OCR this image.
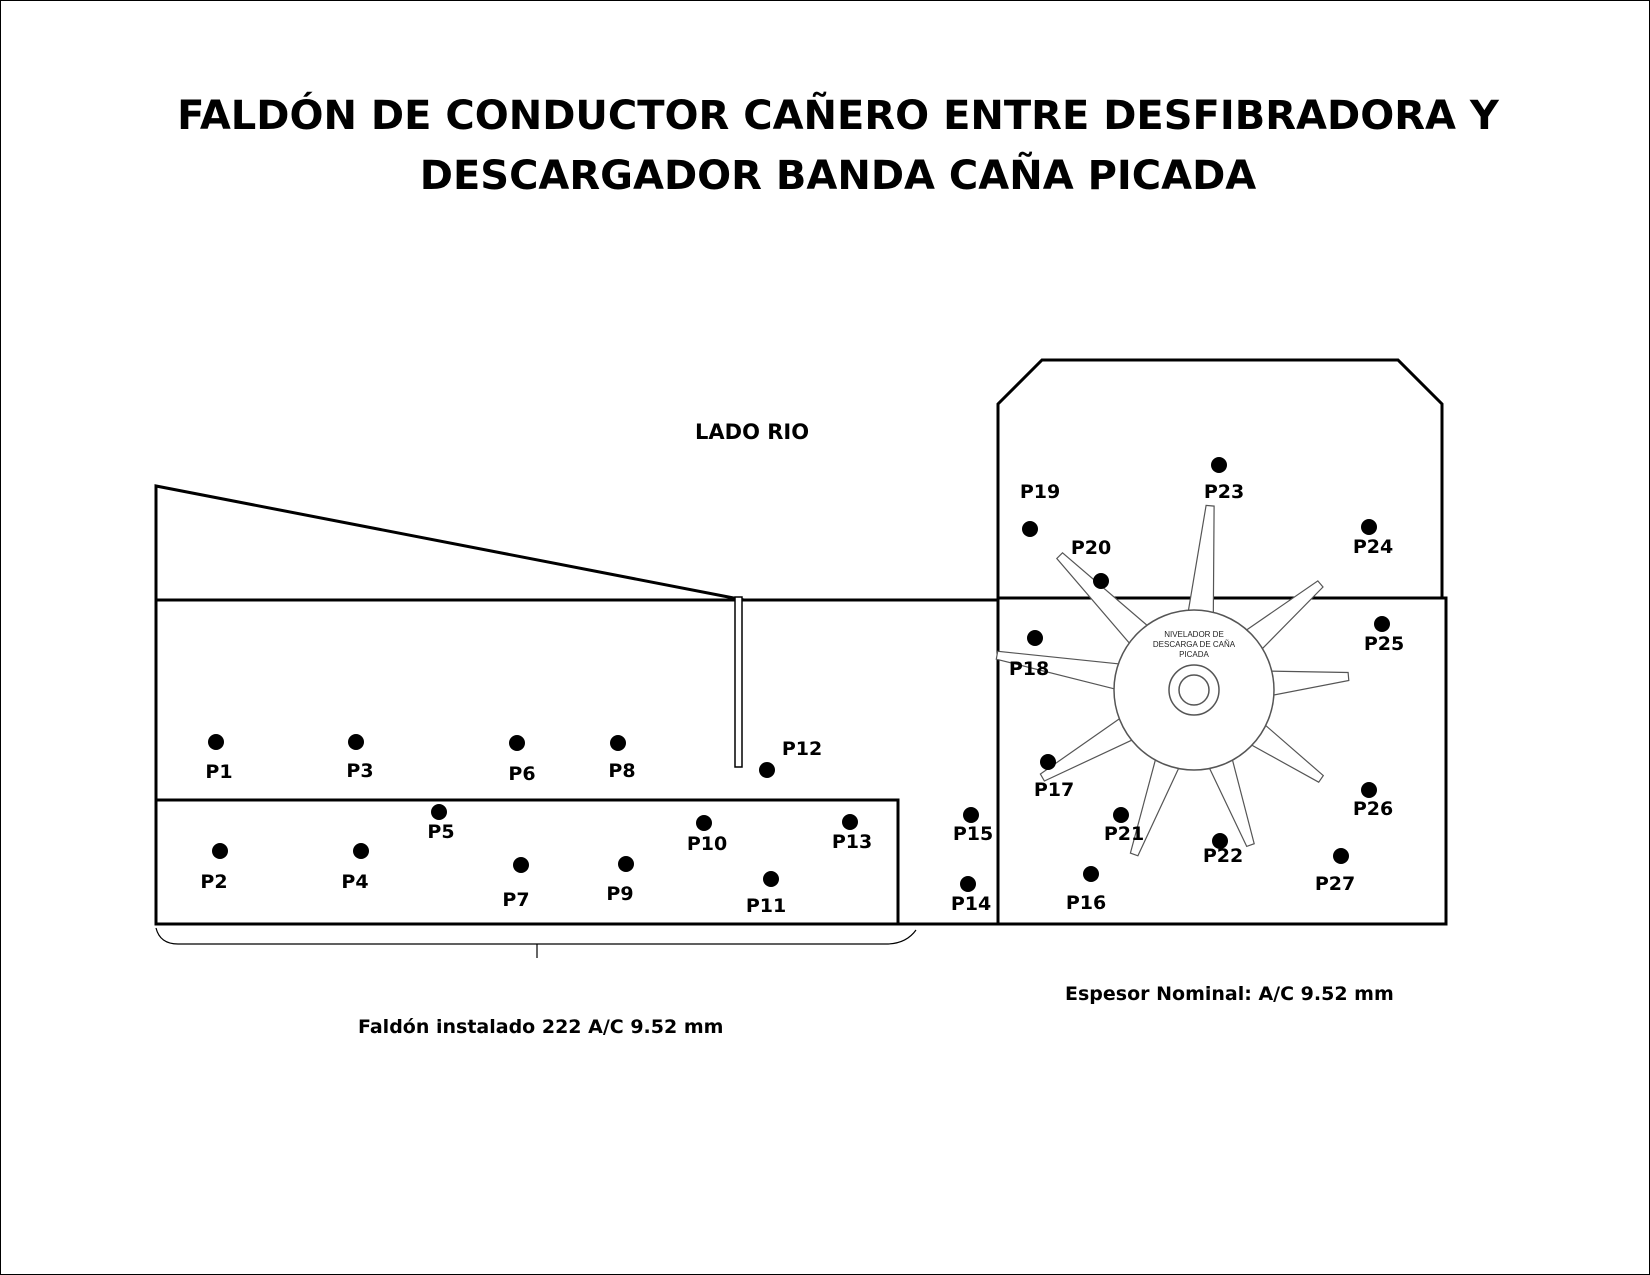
FALDÓN DE CONDUCTOR CAÑERO ENTRE DESFIBRADORA Y
DESCARGADOR BANDA CAÑA PICADA
NIVELADOR DE
DESCARGA DE CAÑA
PICADA
P1
P2
P3
P4
P5
P6
P7
P8
P9
P10
P11
P12
P13
P14
P15
P16
P17
P18
P19
P20
P21
P22
P23
P24
P25
P26
P27
LADO RIO
Faldón instalado 222 A/C 9.52 mm
Espesor Nominal: A/C 9.52 mm
